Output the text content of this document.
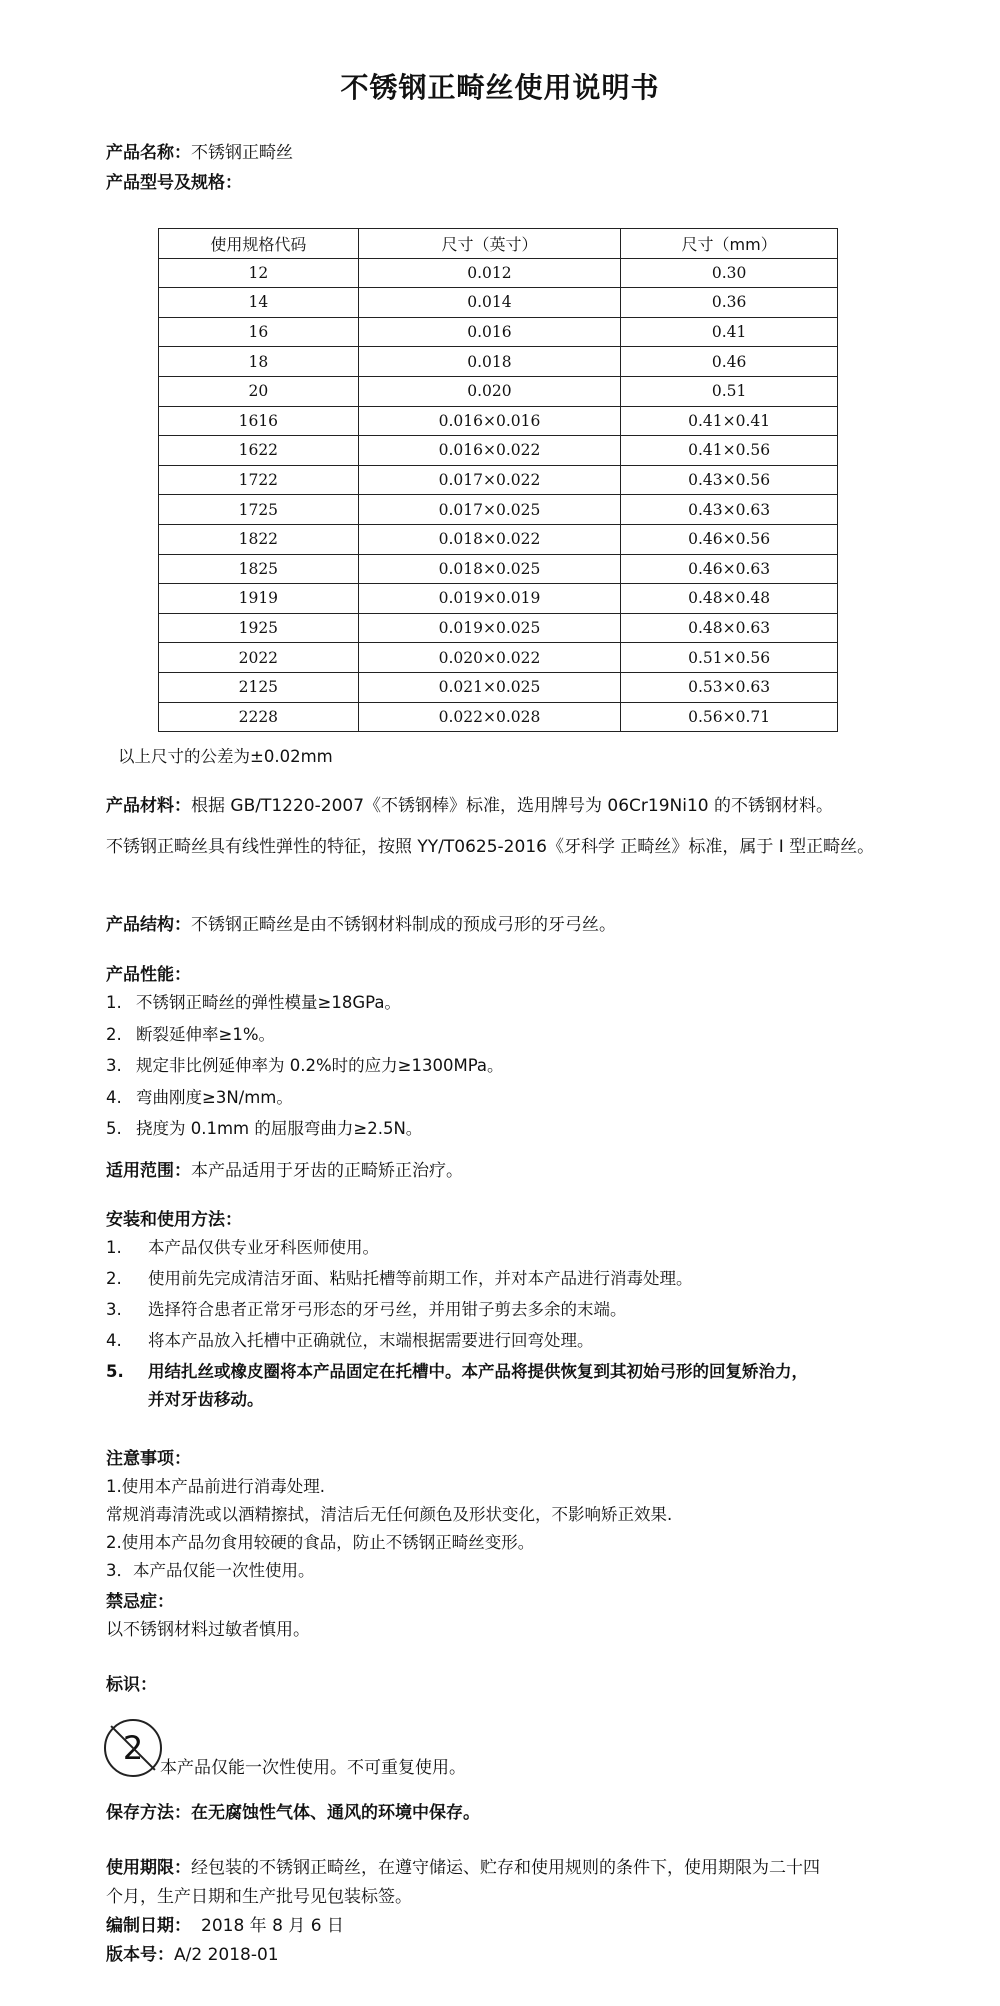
不锈钢正畸丝使用说明书
产品名称：不锈钢正畸丝
产品型号及规格：
使用规格代码	尺寸（英寸）	尺寸（mm）
12	0.012	0.30
14	0.014	0.36
16	0.016	0.41
18	0.018	0.46
20	0.020	0.51
1616	0.016×0.016	0.41×0.41
1622	0.016×0.022	0.41×0.56
1722	0.017×0.022	0.43×0.56
1725	0.017×0.025	0.43×0.63
1822	0.018×0.022	0.46×0.56
1825	0.018×0.025	0.46×0.63
1919	0.019×0.019	0.48×0.48
1925	0.019×0.025	0.48×0.63
2022	0.020×0.022	0.51×0.56
2125	0.021×0.025	0.53×0.63
2228	0.022×0.028	0.56×0.71
以上尺寸的公差为±0.02mm
产品材料：根据 GB/T1220-2007《不锈钢棒》标准，选用牌号为 06Cr19Ni10 的不锈钢材料。
不锈钢正畸丝具有线性弹性的特征，按照 YY/T0625-2016《牙科学 正畸丝》标准，属于 I 型正畸丝。
产品结构：不锈钢正畸丝是由不锈钢材料制成的预成弓形的牙弓丝。
产品性能：
1. 不锈钢正畸丝的弹性模量≥18GPa。
2. 断裂延伸率≥1%。
3. 规定非比例延伸率为 0.2%时的应力≥1300MPa。
4. 弯曲刚度≥3N/mm。
5. 挠度为 0.1mm 的屈服弯曲力≥2.5N。
适用范围：本产品适用于牙齿的正畸矫正治疗。
安装和使用方法：
1. 本产品仅供专业牙科医师使用。
2. 使用前先完成清洁牙面、粘贴托槽等前期工作，并对本产品进行消毒处理。
3. 选择符合患者正常牙弓形态的牙弓丝，并用钳子剪去多余的末端。
4. 将本产品放入托槽中正确就位，末端根据需要进行回弯处理。
5. 用结扎丝或橡皮圈将本产品固定在托槽中。本产品将提供恢复到其初始弓形的回复矫治力，
并对牙齿移动。
注意事项：
1.使用本产品前进行消毒处理.
常规消毒清洗或以酒精擦拭，清洁后无任何颜色及形状变化，不影响矫正效果.
2.使用本产品勿食用较硬的食品，防止不锈钢正畸丝变形。
3．本产品仅能一次性使用。
禁忌症：
以不锈钢材料过敏者慎用。
标识：
2
本产品仅能一次性使用。不可重复使用。
保存方法：在无腐蚀性气体、通风的环境中保存。
使用期限：经包装的不锈钢正畸丝，在遵守储运、贮存和使用规则的条件下，使用期限为二十四
个月，生产日期和生产批号见包装标签。
编制日期： 2018 年 8 月 6 日
版本号：A/2 2018-01
